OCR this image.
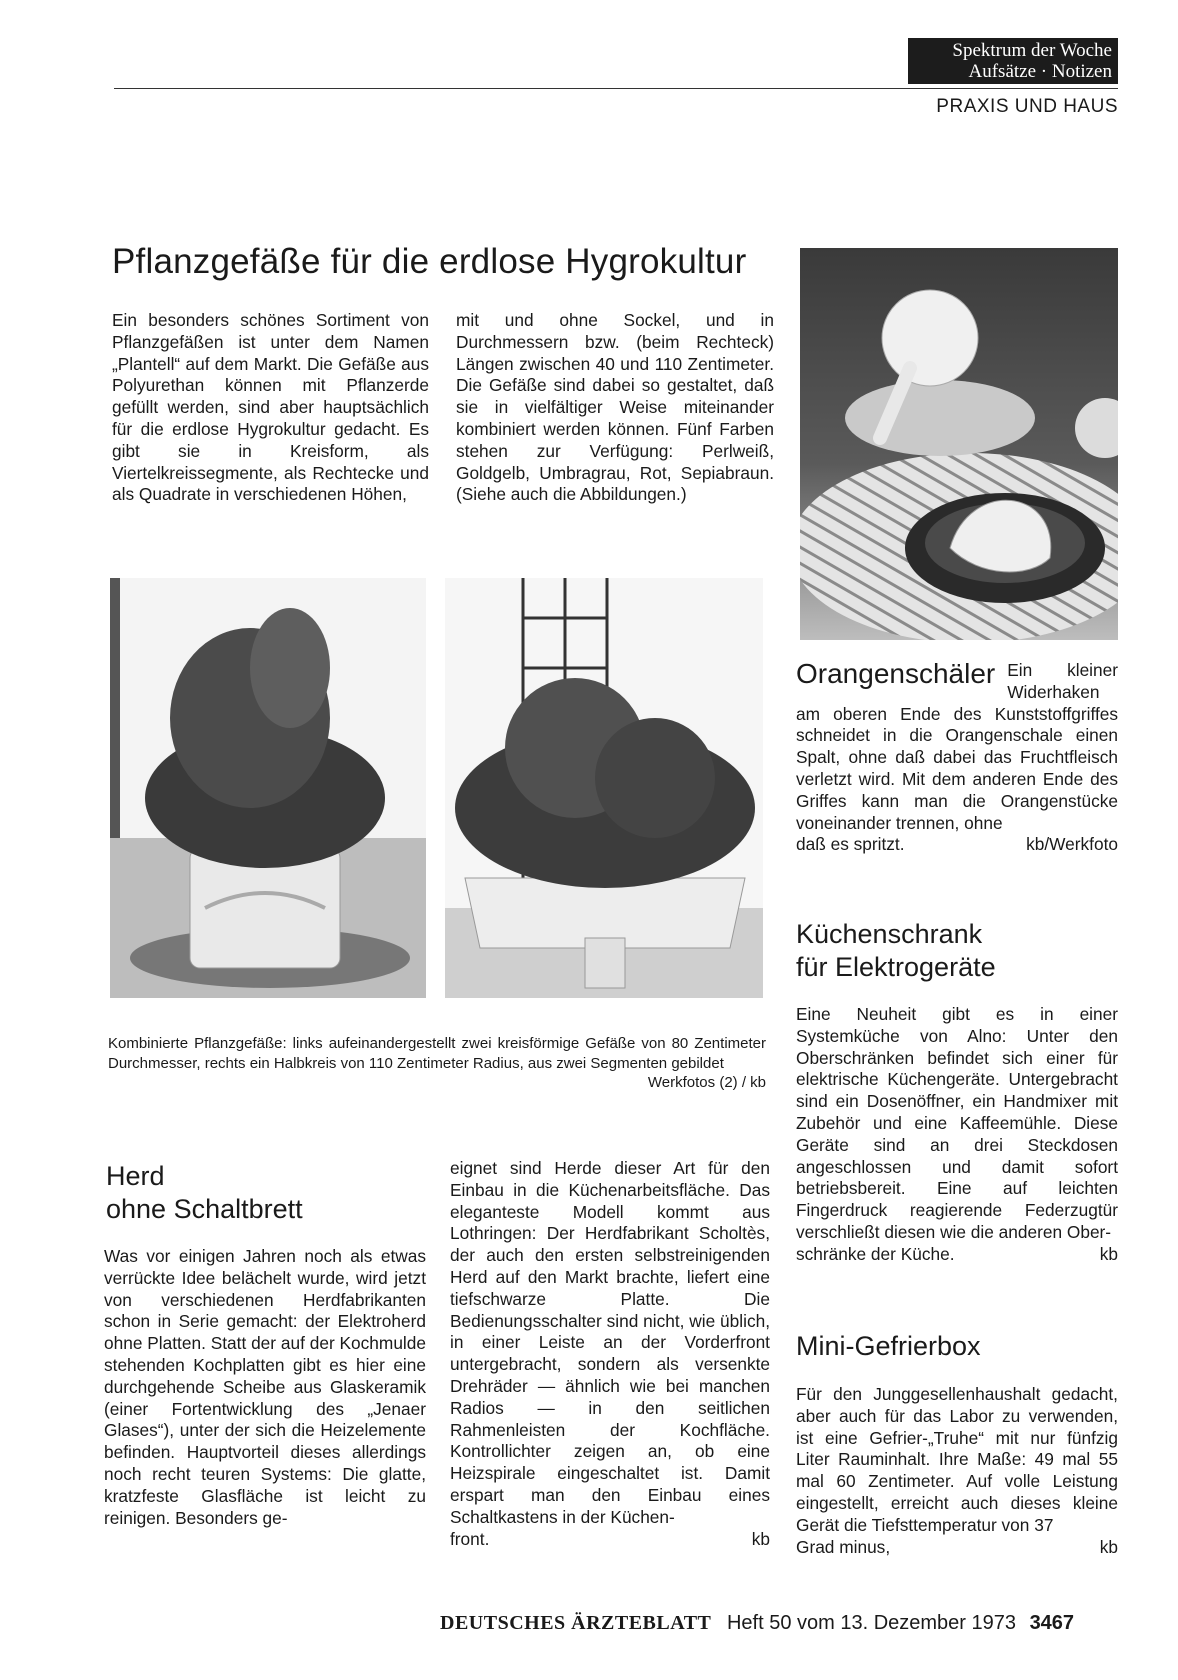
Spektrum der Woche
Aufsätze · Notizen
PRAXIS UND HAUS
Pflanzgefäße für die erdlose Hygrokultur
Ein besonders schönes Sortiment von Pflanzgefäßen ist unter dem Namen „Plantell“ auf dem Markt. Die Gefäße aus Polyurethan können mit Pflanzerde gefüllt werden, sind aber hauptsächlich für die erdlose Hygrokultur gedacht. Es gibt sie in Kreisform, als Viertelkreissegmente, als Rechtecke und als Quadrate in verschiedenen Höhen,
mit und ohne Sockel, und in Durchmessern bzw. (beim Rechteck) Längen zwischen 40 und 110 Zentimeter. Die Gefäße sind dabei so gestaltet, daß sie in vielfältiger Weise miteinander kombiniert werden können. Fünf Farben stehen zur Verfügung: Perlweiß, Goldgelb, Umbragrau, Rot, Sepiabraun. (Siehe auch die Abbildungen.)
Kombinierte Pflanzgefäße: links aufeinandergestellt zwei kreisförmige Gefäße von 80 Zentimeter Durchmesser, rechts ein Halbkreis von 110 Zentimeter Radius, aus zwei Segmenten gebildet
Werkfotos (2) / kb
Orangenschäler Ein kleiner Widerhaken am oberen Ende des Kunststoffgriffes schneidet in die Orangenschale einen Spalt, ohne daß dabei das Fruchtfleisch verletzt wird. Mit dem anderen Ende des Griffes kann man die Orangenstücke voneinander trennen, ohne
daß es spritzt.	kb/Werkfoto
Küchenschrank
für Elektrogeräte
Eine Neuheit gibt es in einer Systemküche von Alno: Unter den Oberschränken befindet sich einer für elektrische Küchengeräte. Untergebracht sind ein Dosenöffner, ein Handmixer mit Zubehör und eine Kaffeemühle. Diese Geräte sind an drei Steckdosen angeschlossen und damit sofort betriebsbereit. Eine auf leichten Fingerdruck reagierende Federzugtür verschließt diesen wie die anderen Ober-
schränke der Küche.	kb
Mini-Gefrierbox
Für den Junggesellenhaushalt gedacht, aber auch für das Labor zu verwenden, ist eine Gefrier-„Truhe“ mit nur fünfzig Liter Rauminhalt. Ihre Maße: 49 mal 55 mal 60 Zentimeter. Auf volle Leistung eingestellt, erreicht auch dieses kleine Gerät die Tiefsttemperatur von 37
Grad minus,	kb
Herd
ohne Schaltbrett
Was vor einigen Jahren noch als etwas verrückte Idee belächelt wurde, wird jetzt von verschiedenen Herdfabrikanten schon in Serie gemacht: der Elektroherd ohne Platten. Statt der auf der Kochmulde stehenden Kochplatten gibt es hier eine durchgehende Scheibe aus Glaskeramik (einer Fortentwicklung des „Jenaer Glases“), unter der sich die Heizelemente befinden. Hauptvorteil dieses allerdings noch recht teuren Systems: Die glatte, kratzfeste Glasfläche ist leicht zu reinigen. Besonders ge-
eignet sind Herde dieser Art für den Einbau in die Küchenarbeitsfläche. Das eleganteste Modell kommt aus Lothringen: Der Herdfabrikant Scholtès, der auch den ersten selbstreinigenden Herd auf den Markt brachte, liefert eine tiefschwarze Platte. Die Bedienungsschalter sind nicht, wie üblich, in einer Leiste an der Vorderfront untergebracht, sondern als versenkte Drehräder — ähnlich wie bei manchen Radios — in den seitlichen Rahmenleisten der Kochfläche. Kontrollichter zeigen an, ob eine Heizspirale eingeschaltet ist. Damit erspart man den Einbau eines Schaltkastens in der Küchen-
front.	kb
DEUTSCHES ÄRZTEBLATT Heft 50 vom 13. Dezember 1973 3467
